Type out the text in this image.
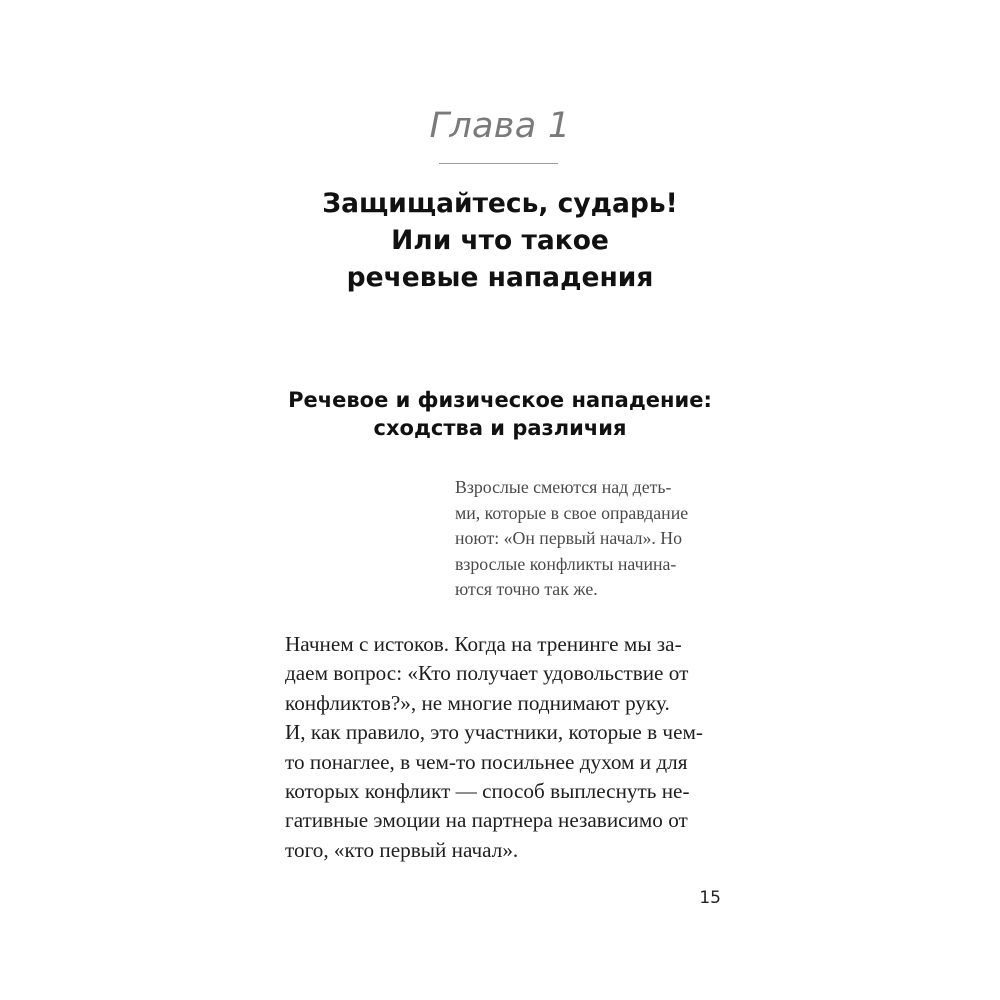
Глава 1
Защищайтесь, сударь!
Или что такое
речевые нападения
Речевое и физическое нападение:
сходства и различия
Взрослые смеются над деть-
ми, которые в свое оправдание
ноют: «Он первый начал». Но
взрослые конфликты начина-
ются точно так же.
Начнем с истоков. Когда на тренинге мы за-
даем вопрос: «Кто получает удовольствие от
конфликтов?», не многие поднимают руку.
И, как правило, это участники, которые в чем-
то понаглее, в чем-то посильнее духом и для
которых конфликт — способ выплеснуть не-
гативные эмоции на партнера независимо от
того, «кто первый начал».
15
